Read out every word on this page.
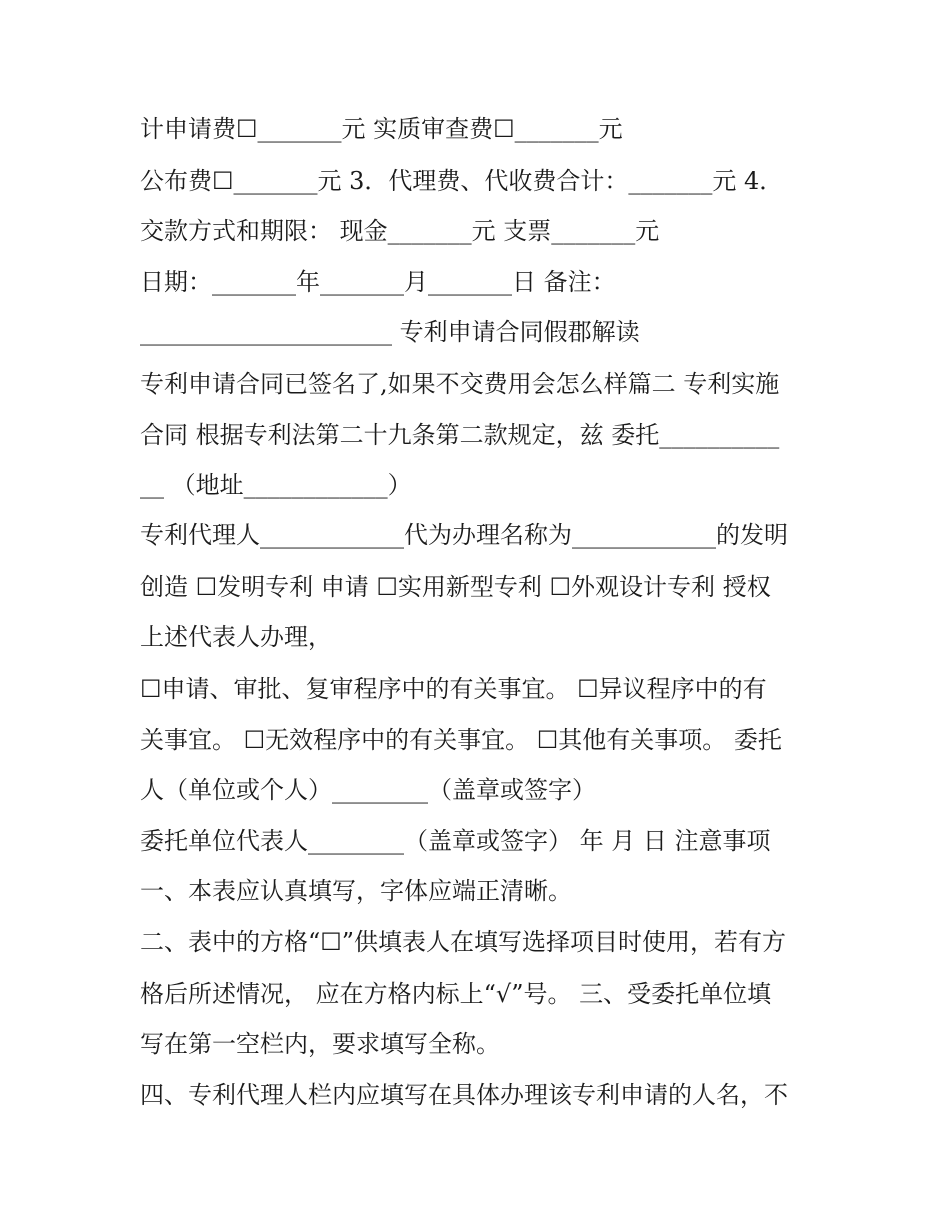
计申请费☐_______元 实质审查费☐_______元
公布费☐_______元 3．代理费、代收费合计：_______元 4．
交款方式和期限： 现金_______元 支票_______元
日期：_______年_______月_______日 备注：
_____________________ 专利申请合同假郡解读
专利申请合同已签名了,如果不交费用会怎么样篇二 专利实施
合同 根据专利法第二十九条第二款规定，兹 委托__________
__ （地址____________）
专利代理人____________代为办理名称为____________的发明
创造 ☐发明专利 申请 ☐实用新型专利 ☐外观设计专利 授权
上述代表人办理，
☐申请、审批、复审程序中的有关事宜。 ☐异议程序中的有
关事宜。 ☐无效程序中的有关事宜。 ☐其他有关事项。 委托
人（单位或个人）________（盖章或签字）
委托单位代表人________（盖章或签字） 年 月 日 注意事项
一、本表应认真填写，字体应端正清晰。
二、表中的方格“☐”供填表人在填写选择项目时使用，若有方
格后所述情况， 应在方格内标上“√”号。 三、受委托单位填
写在第一空栏内，要求填写全称。
四、专利代理人栏内应填写在具体办理该专利申请的人名，不
